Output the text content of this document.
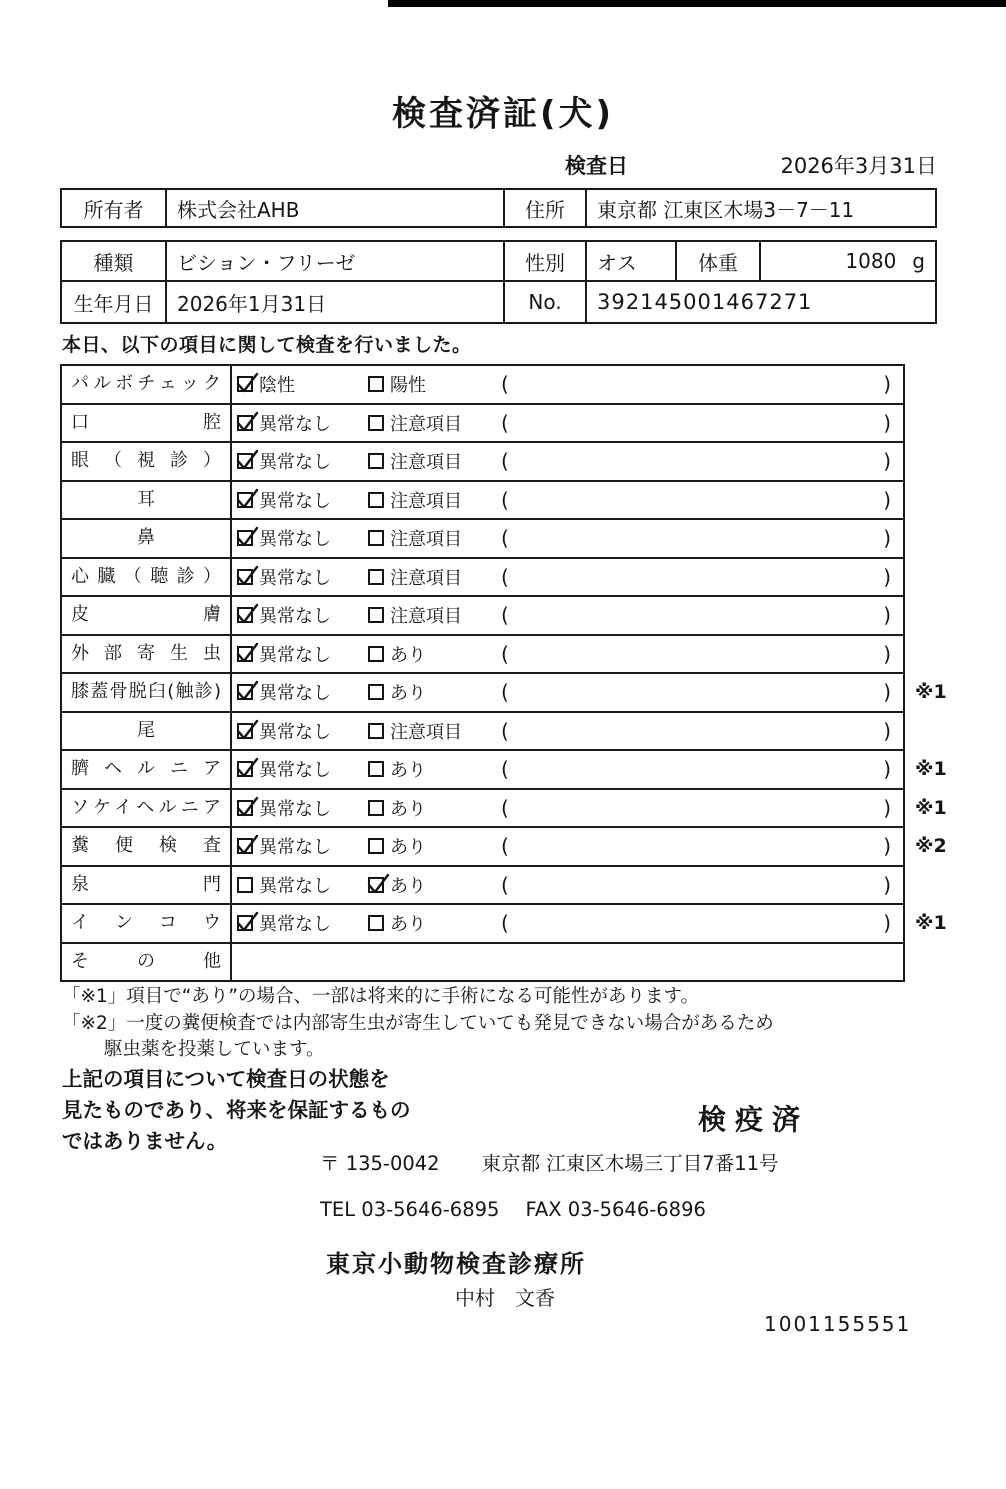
検査済証(犬)
検査日	2026年3月31日
所有者	株式会社AHB	住所	東京都 江東区木場3－7－11
種類	ビション・フリーゼ	性別	オス	体重	1080 g
生年月日	2026年1月31日	No.	392145001467271
本日、以下の項目に関して検査を行いました。
パルボチェック	陰性	陽性	(	)
口腔	異常なし	注意項目 (	)
眼（視診）	異常なし	注意項目 (	)
耳	異常なし	注意項目 (	)
鼻	異常なし	注意項目 (	)
心臓（聴診）	異常なし	注意項目 (	)
皮膚	異常なし	注意項目 (	)
外部寄生虫	異常なし	あり	(	)
膝蓋骨脱臼(触診)	異常なし	あり	(	)	※1
尾	異常なし	注意項目 (	)
臍ヘルニア	異常なし	あり	(	)	※1
ソケイヘルニア	異常なし	あり	(	)	※1
糞便検査	異常なし	あり	(	)	※2
泉門	異常なし	あり	(	)
インコウ	異常なし	あり	(	)	※1
その他
「※1」項目で“あり”の場合、一部は将来的に手術になる可能性があります。
「※2」一度の糞便検査では内部寄生虫が寄生していても発見できない場合があるため
駆虫薬を投薬しています。
上記の項目について検査日の状態を
見たものであり、将来を保証するもの
ではありません。
検疫済
〒 135-0042 東京都 江東区木場三丁目7番11号
TEL 03-5646-6895 FAX 03-5646-6896
東京小動物検査診療所
中村　文香
1001155551
